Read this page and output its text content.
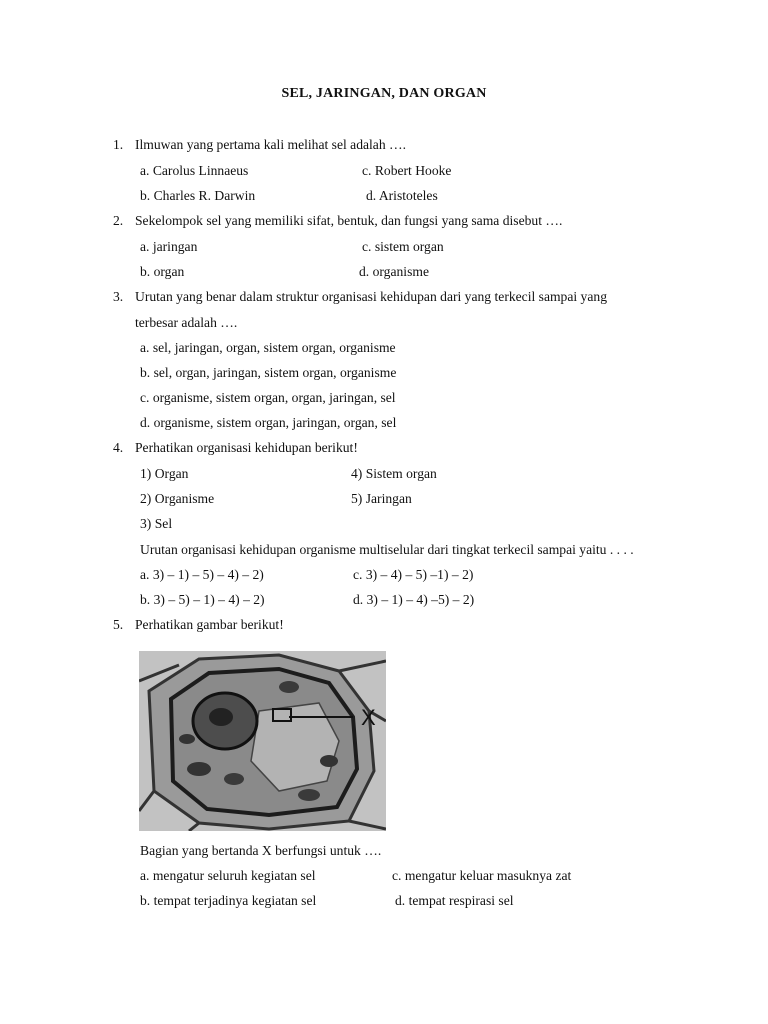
SEL, JARINGAN, DAN ORGAN
1. Ilmuwan yang pertama kali melihat sel adalah ….
a. Carolus Linnaeus	c. Robert Hooke
b. Charles R. Darwin	d. Aristoteles
2. Sekelompok sel yang memiliki sifat, bentuk, dan fungsi yang sama disebut ….
a. jaringan	c. sistem organ
b. organ	d. organisme
3. Urutan yang benar dalam struktur organisasi kehidupan dari yang terkecil sampai yang
terbesar adalah ….
a. sel, jaringan, organ, sistem organ, organisme
b. sel, organ, jaringan, sistem organ, organisme
c. organisme, sistem organ, organ, jaringan, sel
d. organisme, sistem organ, jaringan, organ, sel
4. Perhatikan organisasi kehidupan berikut!
1) Organ	4) Sistem organ
2) Organisme	5) Jaringan
3) Sel
Urutan organisasi kehidupan organisme multiselular dari tingkat terkecil sampai yaitu . . . .
a. 3) – 1) – 5) – 4) – 2)	c. 3) – 4) – 5) –1) – 2)
b. 3) – 5) – 1) – 4) – 2)	d. 3) – 1) – 4) –5) – 2)
5. Perhatikan gambar berikut!
X
Bagian yang bertanda X berfungsi untuk ….
a. mengatur seluruh kegiatan sel	c. mengatur keluar masuknya zat
b. tempat terjadinya kegiatan sel	d. tempat respirasi sel
